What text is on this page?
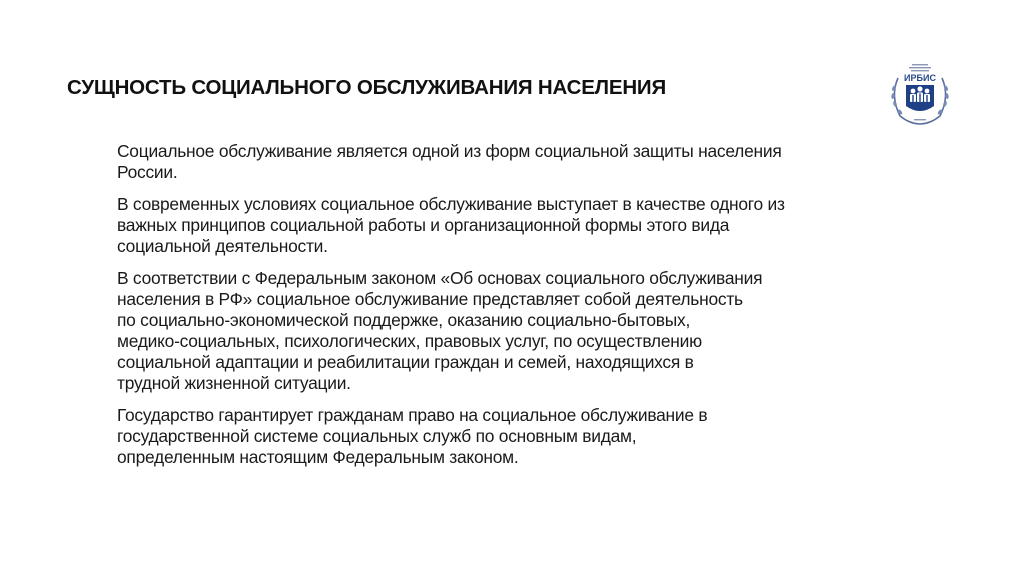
СУЩНОСТЬ СОЦИАЛЬНОГО ОБСЛУЖИВАНИЯ НАСЕЛЕНИЯ	ИРБИС

Социальное обслуживание является одной из форм социальной защиты населения
России.

В современных условиях социальное обслуживание выступает в качестве одного из
важных принципов социальной работы и организационной формы этого вида
социальной деятельности.

В соответствии с Федеральным законом «Об основах социального обслуживания
населения в РФ» социальное обслуживание представляет собой деятельность
по социально-экономической поддержке, оказанию социально-бытовых,
медико-социальных, психологических, правовых услуг, по осуществлению
социальной адаптации и реабилитации граждан и семей, находящихся в
трудной жизненной ситуации.

Государство гарантирует гражданам право на социальное обслуживание в
государственной системе социальных служб по основным видам,
определенным настоящим Федеральным законом.
